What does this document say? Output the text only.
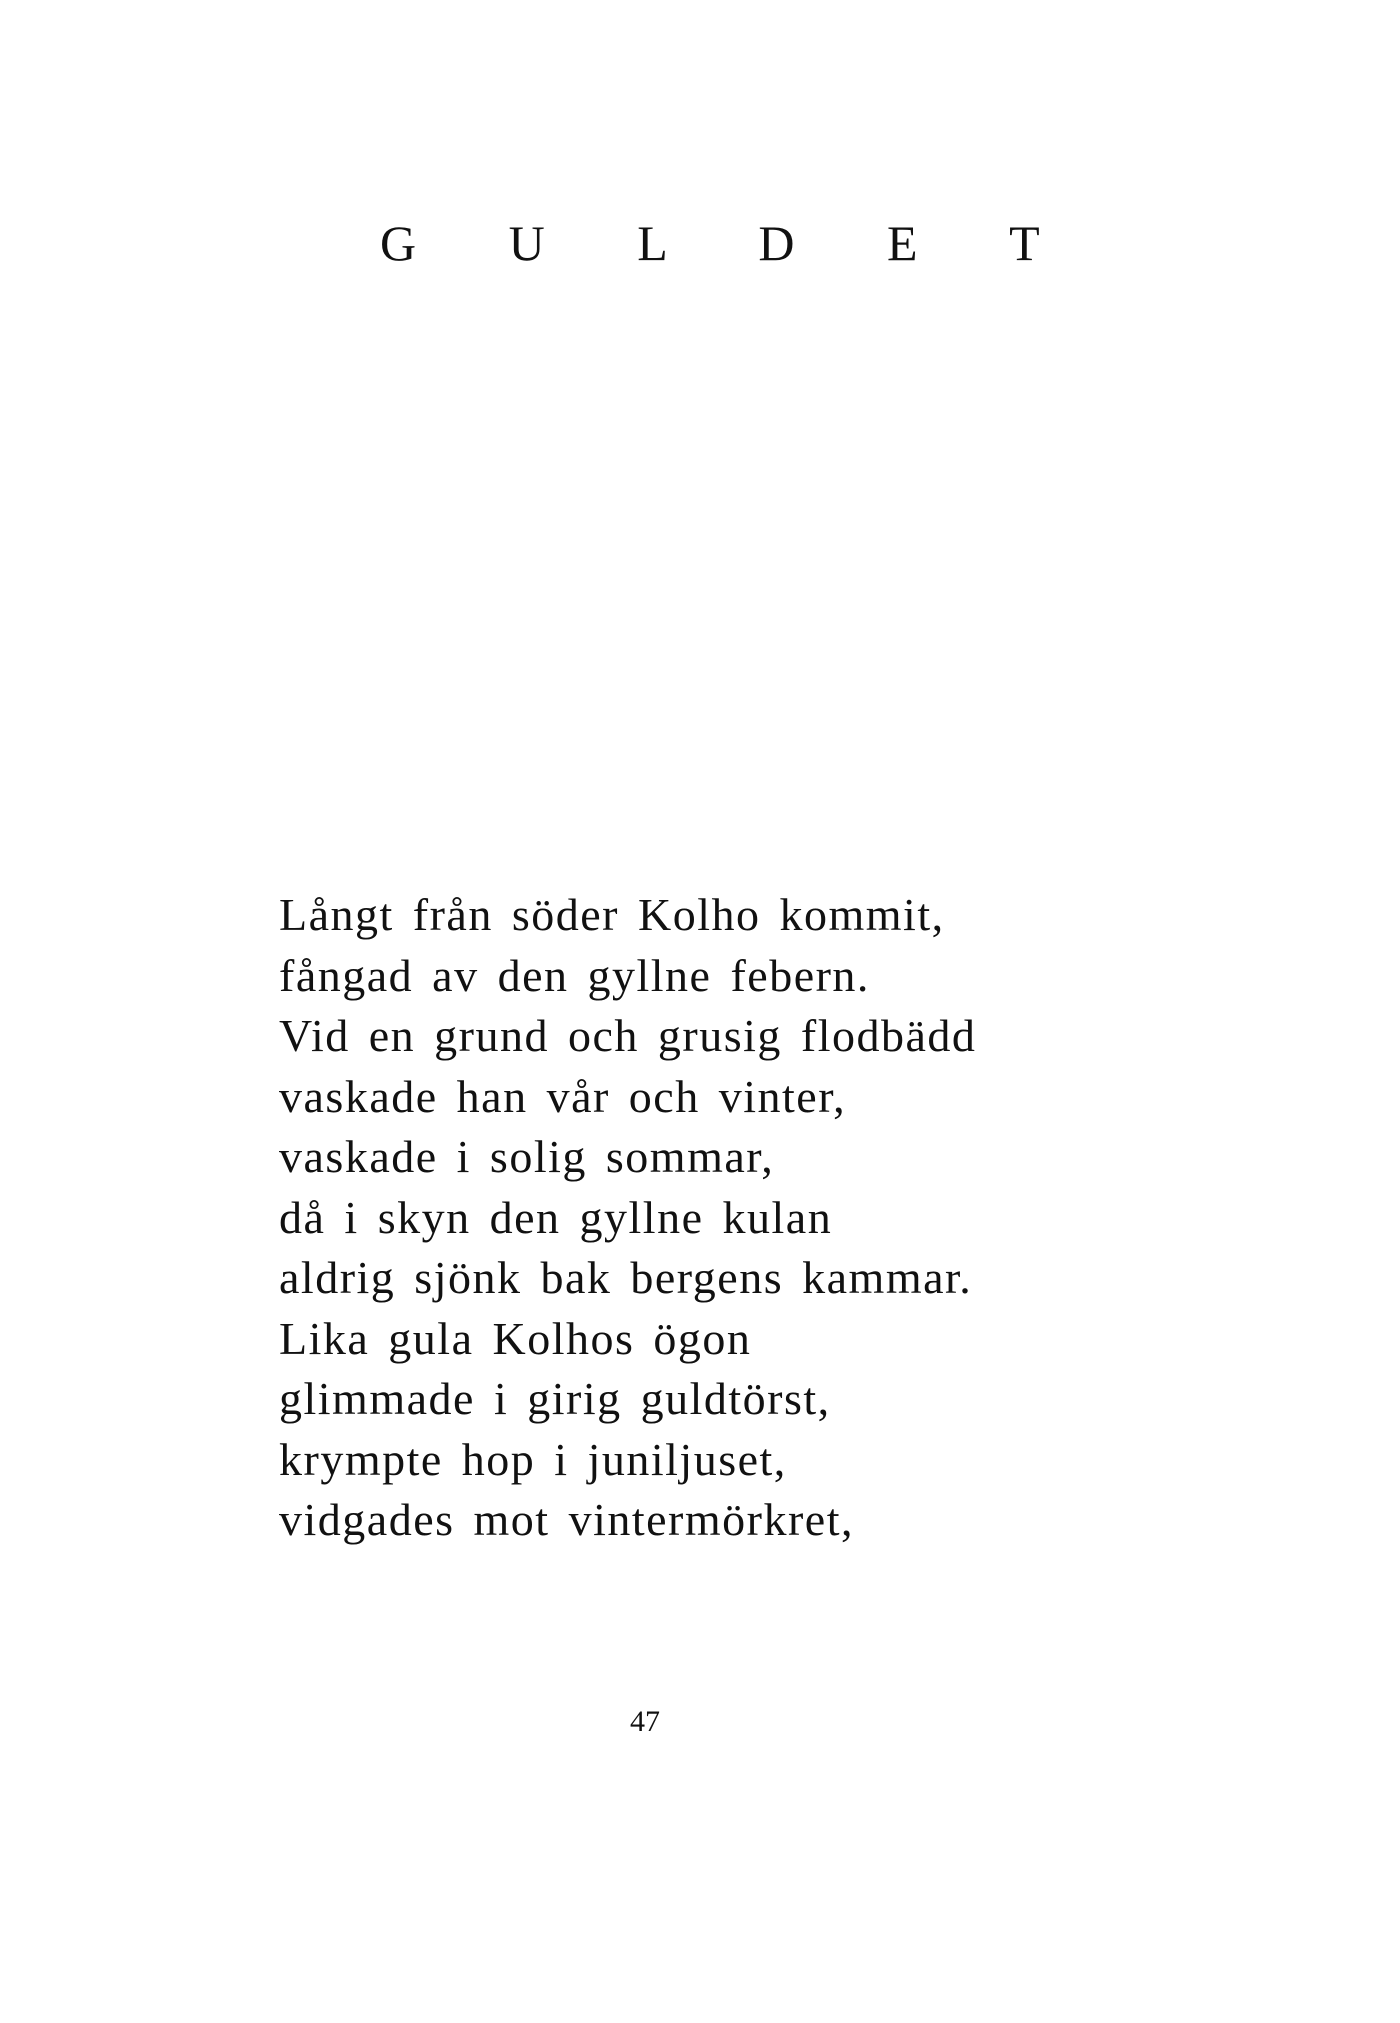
G U L D E T
Långt från söder Kolho kommit,
fångad av den gyllne febern.
Vid en grund och grusig flodbädd
vaskade han vår och vinter,
vaskade i solig sommar,
då i skyn den gyllne kulan
aldrig sjönk bak bergens kammar.
Lika gula Kolhos ögon
glimmade i girig guldtörst,
krympte hop i juniljuset,
vidgades mot vintermörkret,
47
